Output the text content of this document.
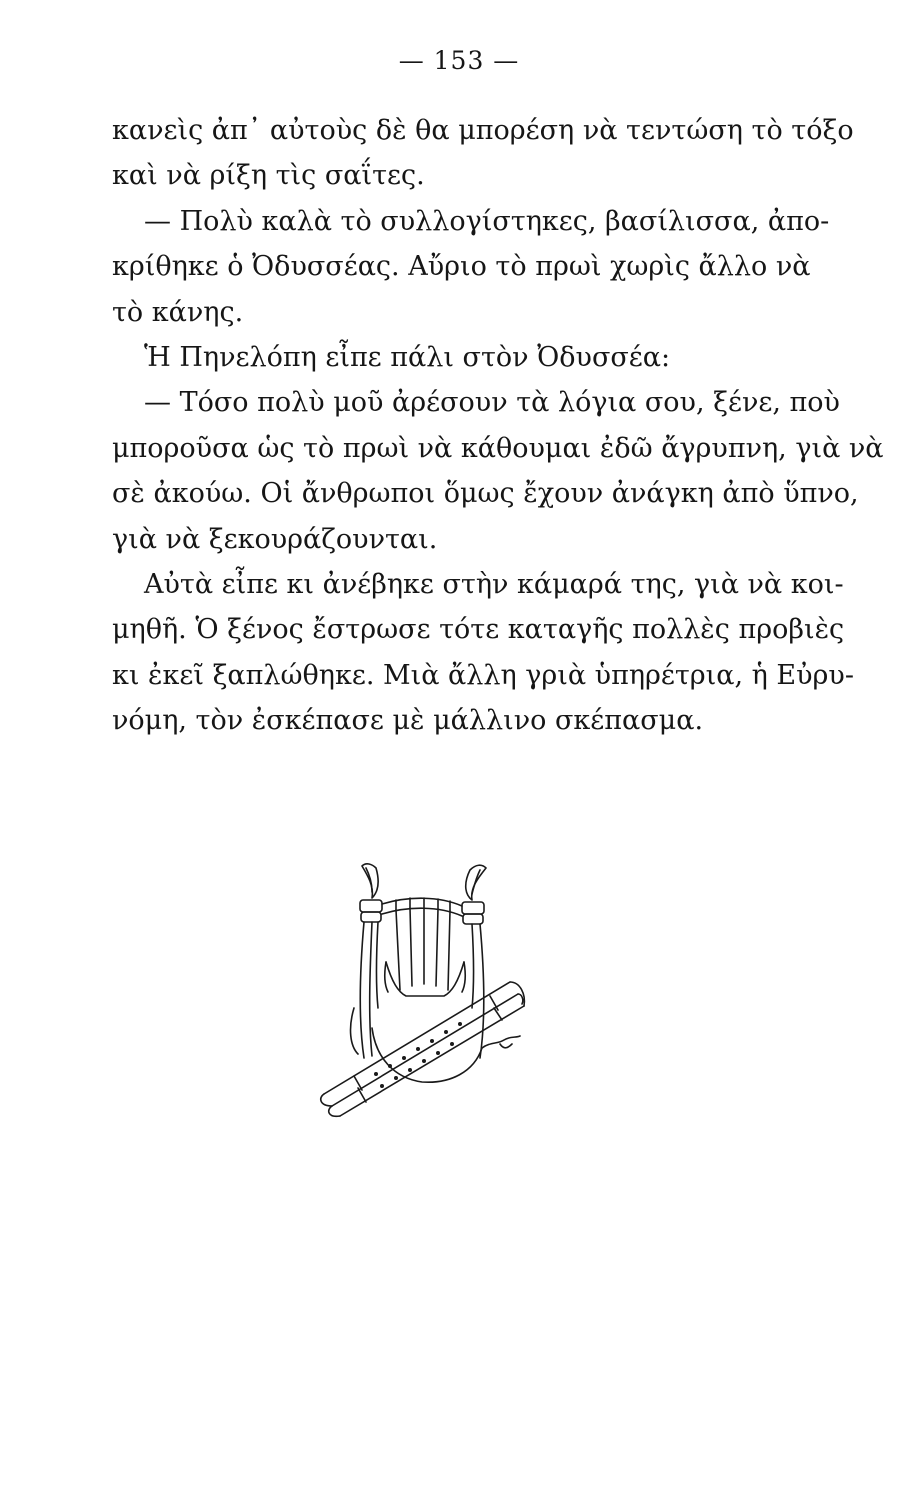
— 153 —
κανεὶς ἀπ᾿ αὐτοὺς δὲ θα μπορέση νὰ τεντώση τὸ τόξο
καὶ νὰ ρίξη τὶς σαΐτες.
— Πολὺ καλὰ τὸ συλλογίστηκες, βασίλισσα, ἀπο-
κρίθηκε ὁ Ὀδυσσέας. Αὔριο τὸ πρωὶ χωρὶς ἄλλο νὰ
τὸ κάνης.
Ἡ Πηνελόπη εἶπε πάλι στὸν Ὀδυσσέα:
— Τόσο πολὺ μοῦ ἀρέσουν τὰ λόγια σου, ξένε, ποὺ
μποροῦσα ὡς τὸ πρωὶ νὰ κάθουμαι ἐδῶ ἄγρυπνη, γιὰ νὰ
σὲ ἀκούω. Οἱ ἄνθρωποι ὅμως ἔχουν ἀνάγκη ἀπὸ ὕπνο,
γιὰ νὰ ξεκουράζουνται.
Αὐτὰ εἶπε κι ἀνέβηκε στὴν κάμαρά της, γιὰ νὰ κοι-
μηθῆ. Ὁ ξένος ἔστρωσε τότε καταγῆς πολλὲς προβιὲς
κι ἐκεῖ ξαπλώθηκε. Μιὰ ἄλλη γριὰ ὑπηρέτρια, ἡ Εὐρυ-
νόμη, τὸν ἐσκέπασε μὲ μάλλινο σκέπασμα.
